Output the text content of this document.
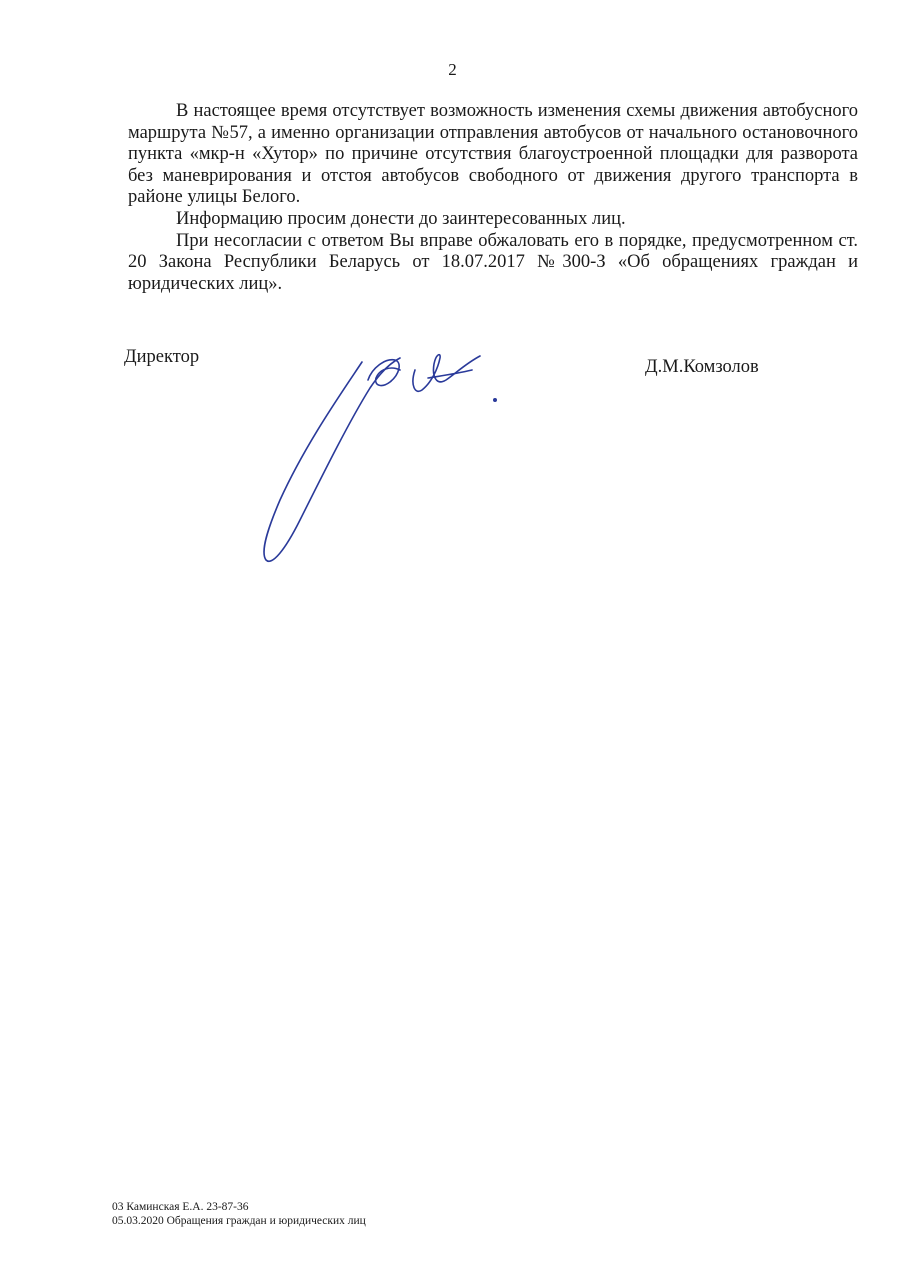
2

В настоящее время отсутствует возможность изменения схемы движения автобусного маршрута №57, а именно организации отправления автобусов от начального остановочного пункта «мкр-н «Хутор» по причине отсутствия благоустроенной площадки для разворота без маневрирования и отстоя автобусов свободного от движения другого транспорта в районе улицы Белого.

Информацию просим донести до заинтересованных лиц.

При несогласии с ответом Вы вправе обжаловать его в порядке, предусмотренном ст. 20 Закона Республики Беларусь от 18.07.2017 №300-З «Об обращениях граждан и юридических лиц».

Директор	Д.М.Комзолов
03 Каминская Е.А. 23-87-36
05.03.2020 Обращения граждан и юридических лиц
